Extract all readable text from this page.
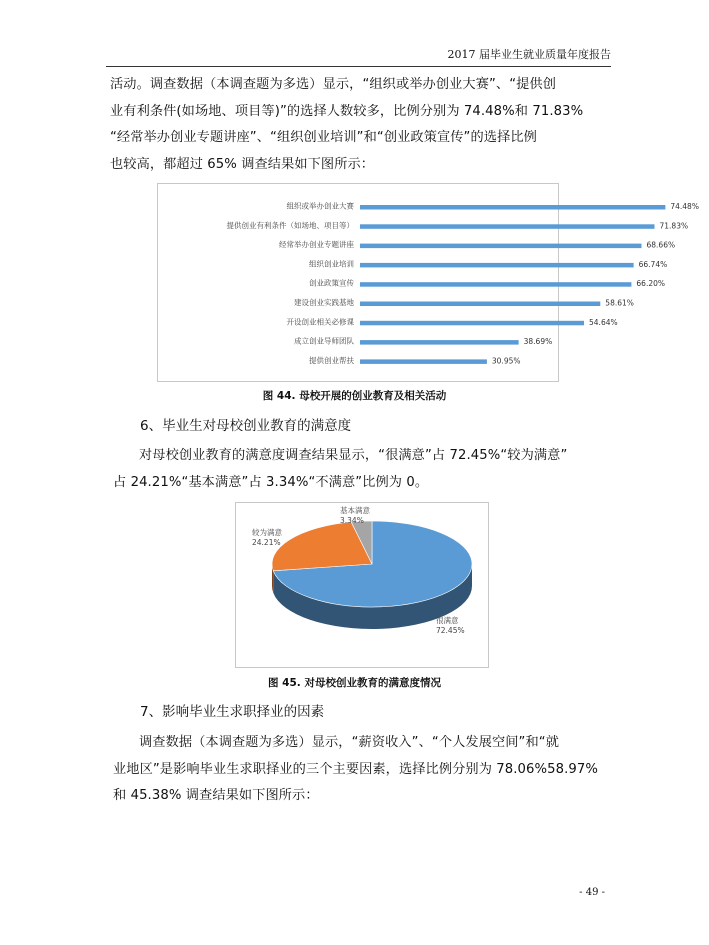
2017 届毕业生就业质量年度报告
活动。调查数据（本调查题为多选）显示，“组织或举办创业大赛”、“提供创
业有利条件(如场地、项目等)”的选择人数较多，比例分别为 74.48%和 71.83%
“经常举办创业专题讲座”、“组织创业培训”和“创业政策宣传”的选择比例
也较高，都超过 65% 调查结果如下图所示：
组织或举办创业大赛	74.48%
提供创业有利条件（如场地、项目等）	71.83%
经常举办创业专题讲座	68.66%
组织创业培训	66.74%
创业政策宣传	66.20%
建设创业实践基地	58.61%
开设创业相关必修课	54.64%
成立创业导师团队	38.69%
提供创业帮扶	30.95%
图 44. 母校开展的创业教育及相关活动
6、毕业生对母校创业教育的满意度
对母校创业教育的满意度调查结果显示，“很满意”占 72.45%“较为满意”
占 24.21%“基本满意”占 3.34%“不满意”比例为 0。
很满意
72.45%
较为满意
24.21%
基本满意
3.34%
图 45. 对母校创业教育的满意度情况
7、影响毕业生求职择业的因素
调查数据（本调查题为多选）显示，“薪资收入”、“个人发展空间”和“就
业地区”是影响毕业生求职择业的三个主要因素，选择比例分别为 78.06%58.97%
和 45.38% 调查结果如下图所示：
- 49 -
